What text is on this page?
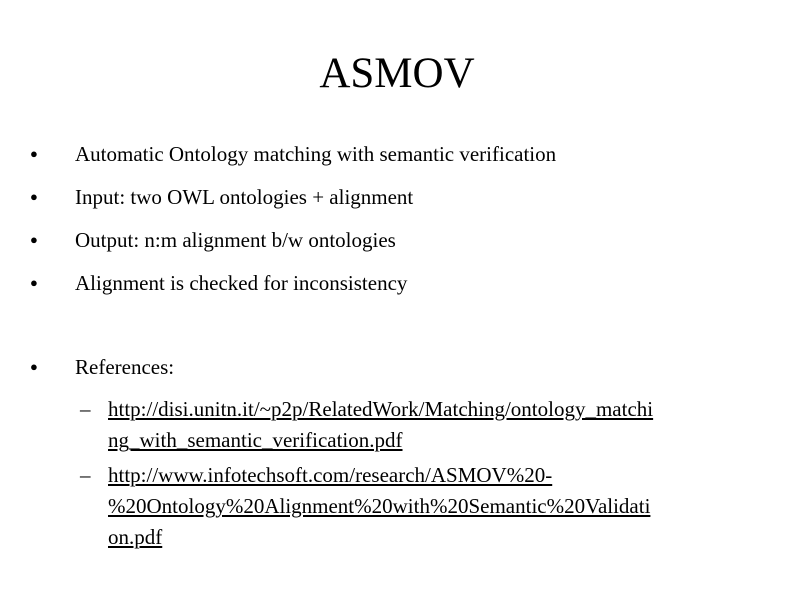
ASMOV
● Automatic Ontology matching with semantic verification
● Input: two OWL ontologies + alignment
● Output: n:m alignment b/w ontologies
● Alignment is checked for inconsistency
● References:
– http://disi.unitn.it/~p2p/RelatedWork/Matching/ontology_matchi
ng_with_semantic_verification.pdf
– http://www.infotechsoft.com/research/ASMOV%20-
%20Ontology%20Alignment%20with%20Semantic%20Validati
on.pdf
